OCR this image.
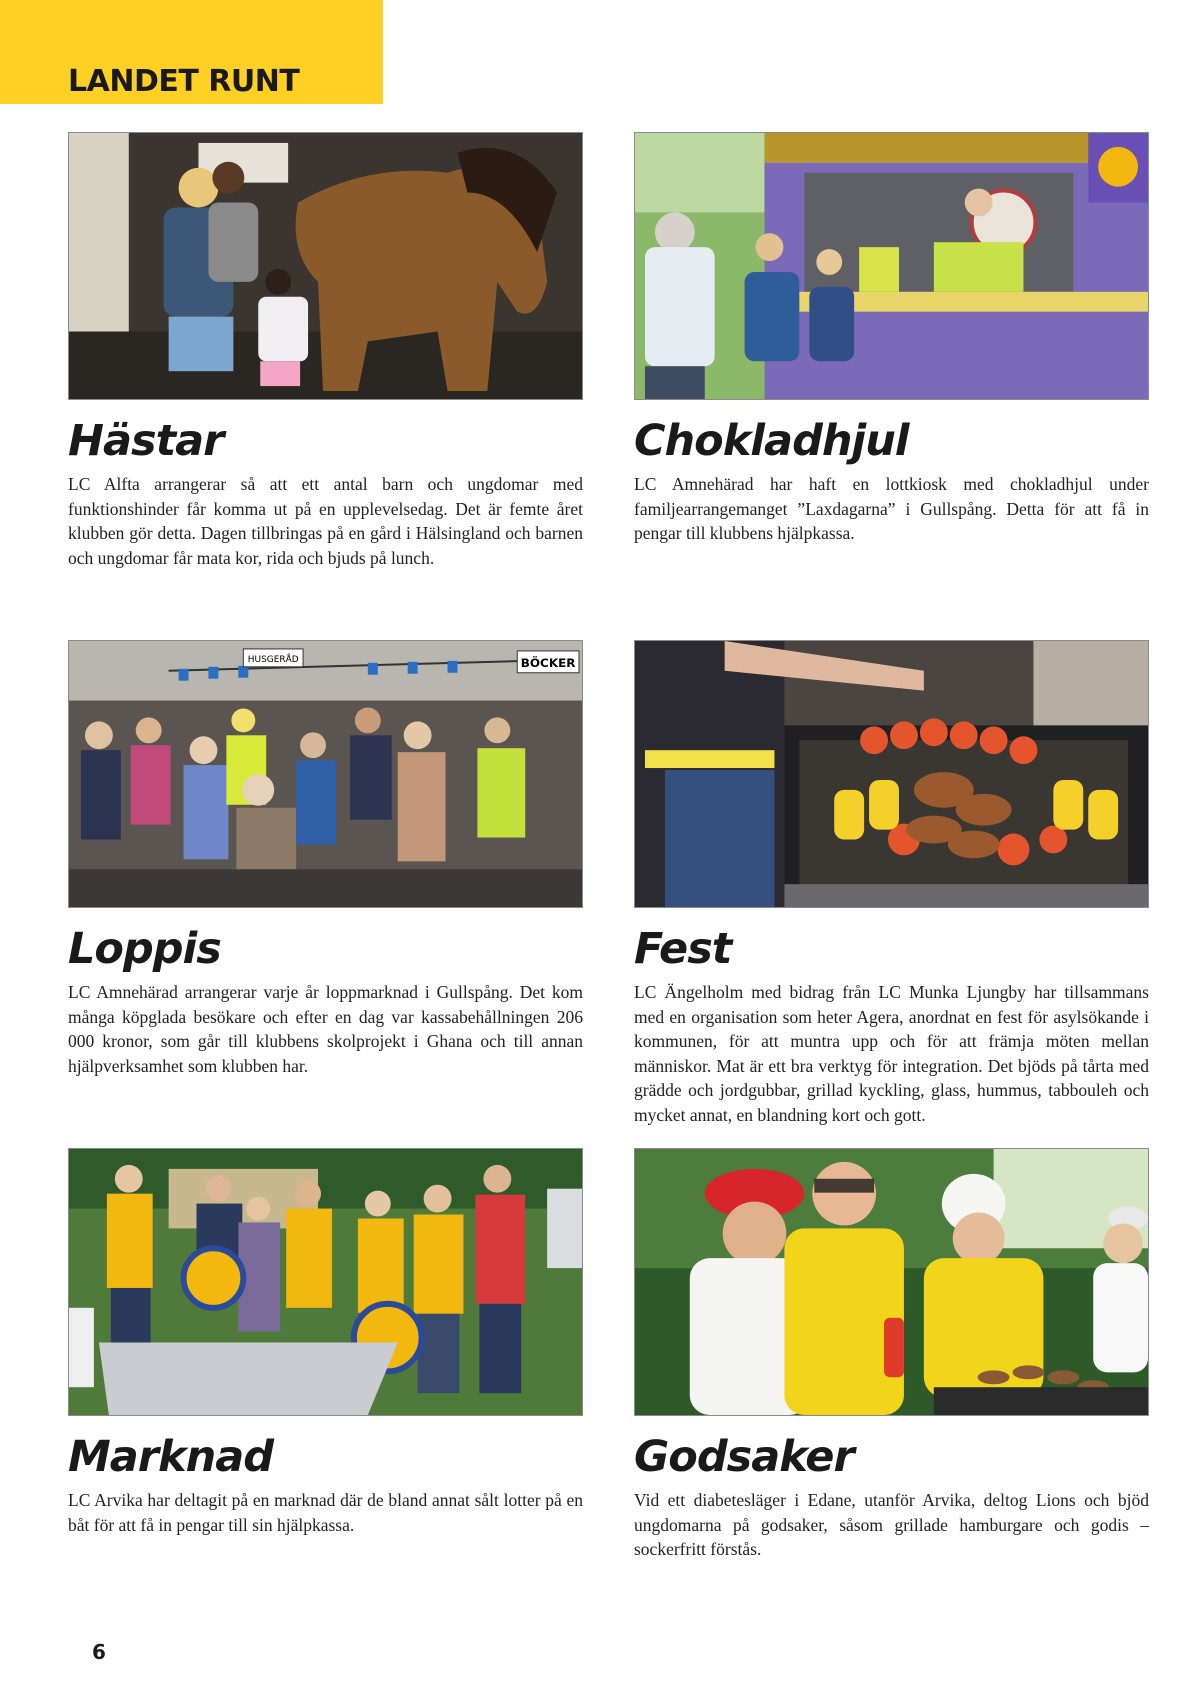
LANDET RUNT
Hästar

LC Alfta arrangerar så att ett antal barn och ungdomar med funktionshinder får komma ut på en upplevelsedag. Det är femte året klubben gör detta. Dagen tillbringas på en gård i Hälsingland och barnen och ungdomar får mata kor, rida och bjuds på lunch.

Chokladhjul

LC Amnehärad har haft en lottkiosk med chokladhjul under familjearrangemanget ”Laxdagarna” i Gullspång. Detta för att få in pengar till klubbens hjälpkassa.

HUSGERÅD	BÖCKER
Loppis

LC Amnehärad arrangerar varje år loppmarknad i Gullspång. Det kom många köpglada besökare och efter en dag var kassabehållningen 206 000 kronor, som går till klubbens skolprojekt i Ghana och till annan hjälpverksamhet som klubben har.

Fest

LC Ängelholm med bidrag från LC Munka Ljungby har tillsammans med en organisation som heter Agera, anordnat en fest för asylsökande i kommunen, för att muntra upp och för att främja möten mellan människor. Mat är ett bra verktyg för integration. Det bjöds på tårta med grädde och jordgubbar, grillad kyckling, glass, hummus, tabbouleh och mycket annat, en blandning kort och gott.

Marknad

LC Arvika har deltagit på en marknad där de bland annat sålt lotter på en båt för att få in pengar till sin hjälpkassa.

Godsaker

Vid ett diabetesläger i Edane, utanför Arvika, deltog Lions och bjöd ungdomarna på godsaker, såsom grillade hamburgare och godis – sockerfritt förstås.

6
